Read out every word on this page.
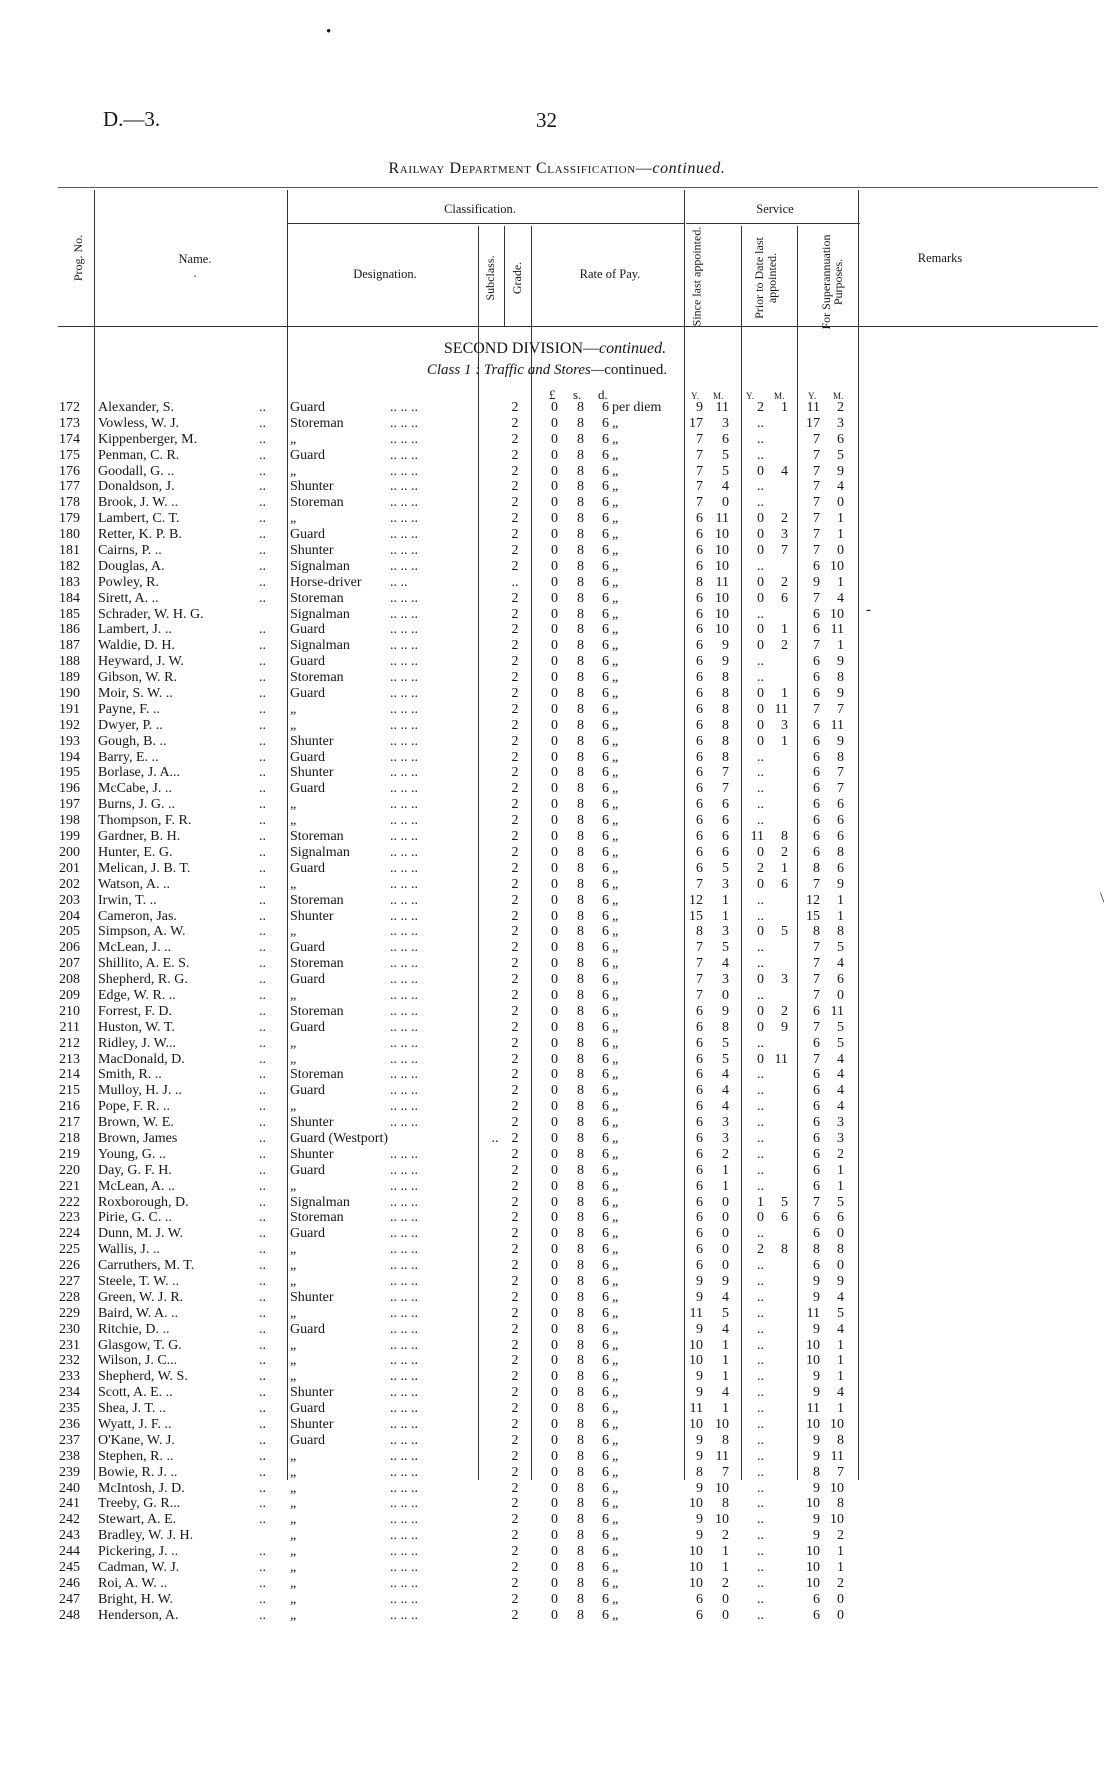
•
D.—3.	32
Railway Department Classification—continued.
Prog. No.	Name.
.
Classification.
Designation.	Subclass. Grade.	Rate of Pay.
Service
Since last appointed.	Prior to Date last appointed.	For Superannuation Purposes.
Remarks
SECOND DIVISION—continued.
Class 1 : Traffic and Stores—continued.
£ s. d.	Y. M. Y. M.	Y. M.
172 Alexander, S.	.. Guard	.. .. ..	2	0	8	6 per diem	9 11	2	1	11	2
173 Vowless, W. J.	.. Storeman	.. .. ..	2	0	8	6 „	17	3	..	17	3
174 Kippenberger, M.	.. „	.. .. ..	2	0	8	6 „	7	6	..	7	6
175 Penman, C. R.	.. Guard	.. .. ..	2	0	8	6 „	7	5	..	7	5
176 Goodall, G. ..	.. „	.. .. ..	2	0	8	6 „	7	5	0	4	7	9
177 Donaldson, J.	.. Shunter	.. .. ..	2	0	8	6 „	7	4	..	7	4
178 Brook, J. W. ..	.. Storeman	.. .. ..	2	0	8	6 „	7	0	..	7	0
179 Lambert, C. T.	.. „	.. .. ..	2	0	8	6 „	6 11	0	2	7	1
180 Retter, K. P. B.	.. Guard	.. .. ..	2	0	8	6 „	6 10	0	3	7	1
181 Cairns, P. ..	.. Shunter	.. .. ..	2	0	8	6 „	6 10	0	7	7	0
182 Douglas, A.	.. Signalman	.. .. ..	2	0	8	6 „	6 10	..	6 10
183 Powley, R.	.. Horse-driver .. ..	..	0	8	6 „	8 11	0	2	9	1
184 Sirett, A. ..	.. Storeman	.. .. ..	2	0	8	6 „	6 10	0	6	7	4
185 Schrader, W. H. G.	Signalman	.. .. ..	2	0	8	6 „	6 10	..	6 10
186 Lambert, J. ..	.. Guard	.. .. ..	2	0	8	6 „	6 10	0	1	6 11
187 Waldie, D. H.	.. Signalman	.. .. ..	2	0	8	6 „	6	9	0	2	7	1
188 Heyward, J. W.	.. Guard	.. .. ..	2	0	8	6 „	6	9	..	6	9
189 Gibson, W. R.	.. Storeman	.. .. ..	2	0	8	6 „	6	8	..	6	8
190 Moir, S. W. ..	.. Guard	.. .. ..	2	0	8	6 „	6	8	0	1	6	9
191 Payne, F. ..	.. „	.. .. ..	2	0	8	6 „	6	8	0 11	7	7
192 Dwyer, P. ..	.. „	.. .. ..	2	0	8	6 „	6	8	0	3	6 11
193 Gough, B. ..	.. Shunter	.. .. ..	2	0	8	6 „	6	8	0	1	6	9
194 Barry, E. ..	.. Guard	.. .. ..	2	0	8	6 „	6	8	..	6	8
195 Borlase, J. A...	.. Shunter	.. .. ..	2	0	8	6 „	6	7	..	6	7
196 McCabe, J. ..	.. Guard	.. .. ..	2	0	8	6 „	6	7	..	6	7
197 Burns, J. G. ..	.. „	.. .. ..	2	0	8	6 „	6	6	..	6	6
198 Thompson, F. R.	.. „	.. .. ..	2	0	8	6 „	6	6	..	6	6
199 Gardner, B. H.	.. Storeman	.. .. ..	2	0	8	6 „	6	6	11	8	6	6
200 Hunter, E. G.	.. Signalman	.. .. ..	2	0	8	6 „	6	6	0	2	6	8
201 Melican, J. B. T.	.. Guard	.. .. ..	2	0	8	6 „	6	5	2	1	8	6
202 Watson, A. ..	.. „	.. .. ..	2	0	8	6 „	7	3	0	6	7	9
203 Irwin, T. ..	.. Storeman	.. .. ..	2	0	8	6 „	12	1	..	12	1
204 Cameron, Jas.	.. Shunter	.. .. ..	2	0	8	6 „	15	1	..	15	1
205 Simpson, A. W.	.. „	.. .. ..	2	0	8	6 „	8	3	0	5	8	8
206 McLean, J. ..	.. Guard	.. .. ..	2	0	8	6 „	7	5	..	7	5
207 Shillito, A. E. S.	.. Storeman	.. .. ..	2	0	8	6 „	7	4	..	7	4
208 Shepherd, R. G.	.. Guard	.. .. ..	2	0	8	6 „	7	3	0	3	7	6
209 Edge, W. R. ..	.. „	.. .. ..	2	0	8	6 „	7	0	..	7	0
210 Forrest, F. D.	.. Storeman	.. .. ..	2	0	8	6 „	6	9	0	2	6 11
211 Huston, W. T.	.. Guard	.. .. ..	2	0	8	6 „	6	8	0	9	7	5
212 Ridley, J. W...	.. „	.. .. ..	2	0	8	6 „	6	5	..	6	5
213 MacDonald, D.	.. „	.. .. ..	2	0	8	6 „	6	5	0 11	7	4
214 Smith, R. ..	.. Storeman	.. .. ..	2	0	8	6 „	6	4	..	6	4
215 Mulloy, H. J. ..	.. Guard	.. .. ..	2	0	8	6 „	6	4	..	6	4
216 Pope, F. R. ..	.. „	.. .. ..	2	0	8	6 „	6	4	..	6	4
217 Brown, W. E.	.. Shunter	.. .. ..	2	0	8	6 „	6	3	..	6	3
218 Brown, James	.. Guard (Westport)	.. 2	0	8	6 „	6	3	..	6	3
219 Young, G. ..	.. Shunter	.. .. ..	2	0	8	6 „	6	2	..	6	2
220 Day, G. F. H.	.. Guard	.. .. ..	2	0	8	6 „	6	1	..	6	1
221 McLean, A. ..	.. „	.. .. ..	2	0	8	6 „	6	1	..	6	1
222 Roxborough, D.	.. Signalman	.. .. ..	2	0	8	6 „	6	0	1	5	7	5
223 Pirie, G. C. ..	.. Storeman	.. .. ..	2	0	8	6 „	6	0	0	6	6	6
224 Dunn, M. J. W.	.. Guard	.. .. ..	2	0	8	6 „	6	0	..	6	0
225 Wallis, J. ..	.. „	.. .. ..	2	0	8	6 „	6	0	2	8	8	8
226 Carruthers, M. T.	.. „	.. .. ..	2	0	8	6 „	6	0	..	6	0
227 Steele, T. W. ..	.. „	.. .. ..	2	0	8	6 „	9	9	..	9	9
228 Green, W. J. R.	.. Shunter	.. .. ..	2	0	8	6 „	9	4	..	9	4
229 Baird, W. A. ..	.. „	.. .. ..	2	0	8	6 „	11	5	..	11	5
230 Ritchie, D. ..	.. Guard	.. .. ..	2	0	8	6 „	9	4	..	9	4
231 Glasgow, T. G.	.. „	.. .. ..	2	0	8	6 „	10	1	..	10	1
232 Wilson, J. C...	.. „	.. .. ..	2	0	8	6 „	10	1	..	10	1
233 Shepherd, W. S.	.. „	.. .. ..	2	0	8	6 „	9	1	..	9	1
234 Scott, A. E. ..	.. Shunter	.. .. ..	2	0	8	6 „	9	4	..	9	4
235 Shea, J. T. ..	.. Guard	.. .. ..	2	0	8	6 „	11	1	..	11	1
236 Wyatt, J. F. ..	.. Shunter	.. .. ..	2	0	8	6 „	10 10	..	10 10
237 O'Kane, W. J.	.. Guard	.. .. ..	2	0	8	6 „	9	8	..	9	8
238 Stephen, R. ..	.. „	.. .. ..	2	0	8	6 „	9 11	..	9 11
239 Bowie, R. J. ..	.. „	.. .. ..	2	0	8	6 „	8	7	..	8	7
240 McIntosh, J. D.	.. „	.. .. ..	2	0	8	6 „	9 10	..	9 10
241 Treeby, G. R...	.. „	.. .. ..	2	0	8	6 „	10	8	..	10	8
242 Stewart, A. E.	.. „	.. .. ..	2	0	8	6 „	9 10	..	9 10
243 Bradley, W. J. H.	„	.. .. ..	2	0	8	6 „	9	2	..	9	2
244 Pickering, J. ..	.. „	.. .. ..	2	0	8	6 „	10	1	..	10	1
245 Cadman, W. J.	.. „	.. .. ..	2	0	8	6 „	10	1	..	10	1
246 Roi, A. W. ..	.. „	.. .. ..	2	0	8	6 „	10	2	..	10	2
247 Bright, H. W.	.. „	.. .. ..	2	0	8	6 „	6	0	..	6	0
248 Henderson, A.	.. „	.. .. ..	2	0	8	6 „	6	0	..	6	0
\
-
